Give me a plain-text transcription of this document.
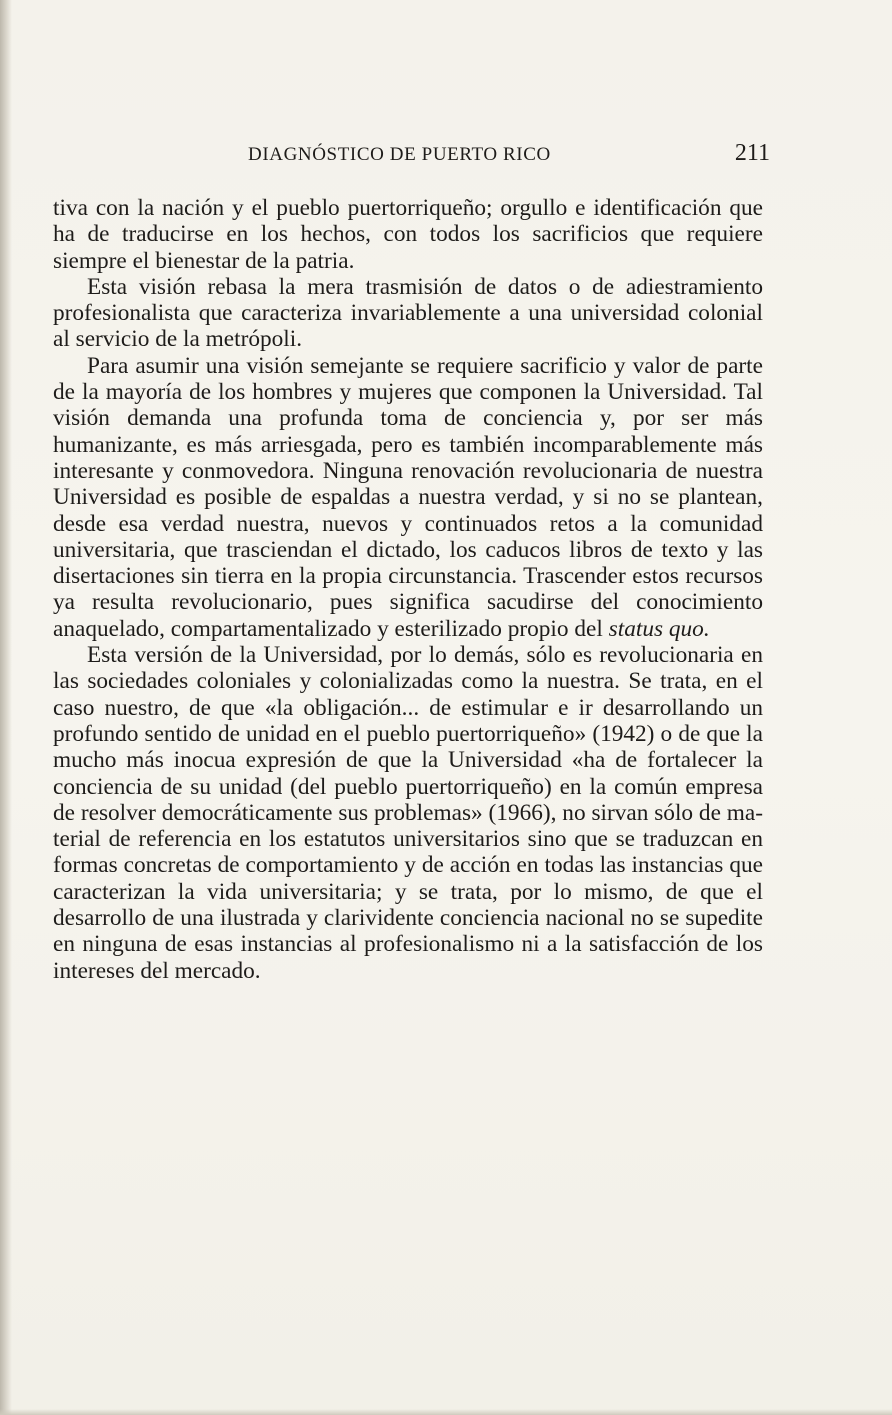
DIAGNÓSTICO DE PUERTO RICO	211

tiva con la nación y el pueblo puertorriqueño; orgullo e identificación que ha de traducirse en los hechos, con todos los sacrificios que requiere siempre el bienestar de la patria.

Esta visión rebasa la mera trasmisión de datos o de adiestramiento profesionalista que caracteriza invariablemente a una universidad colonial al servicio de la metrópoli.

Para asumir una visión semejante se requiere sacrificio y valor de parte de la mayoría de los hombres y mujeres que componen la Universidad. Tal visión demanda una profunda toma de conciencia y, por ser más humanizante, es más arriesgada, pero es también incomparablemente más interesante y conmovedora. Ninguna renovación revolucionaria de nuestra Universidad es posible de espaldas a nuestra verdad, y si no se plantean, desde esa verdad nuestra, nuevos y continuados retos a la comunidad universitaria, que trasciendan el dictado, los caducos libros de texto y las disertaciones sin tierra en la propia circunstancia. Trascender estos recursos ya resulta revolucionario, pues significa sacudirse del conocimiento anaquelado, compartamentalizado y esterilizado propio del status quo.

Esta versión de la Universidad, por lo demás, sólo es revolucionaria en las sociedades coloniales y colonializadas como la nuestra. Se trata, en el caso nuestro, de que «la obligación... de estimular e ir desarrollando un profundo sentido de unidad en el pueblo puertorriqueño» (1942) o de que la mucho más inocua expresión de que la Universidad «ha de fortalecer la conciencia de su unidad (del pueblo puertorriqueño) en la común empresa de resolver democráticamente sus problemas» (1966), no sirvan sólo de material de referencia en los estatutos universitarios sino que se traduzcan en formas concretas de comportamiento y de acción en todas las instancias que caracterizan la vida universitaria; y se trata, por lo mismo, de que el desarrollo de una ilustrada y clarividente conciencia nacional no se supedite en ninguna de esas instancias al profesionalismo ni a la satisfacción de los intereses del mercado.
